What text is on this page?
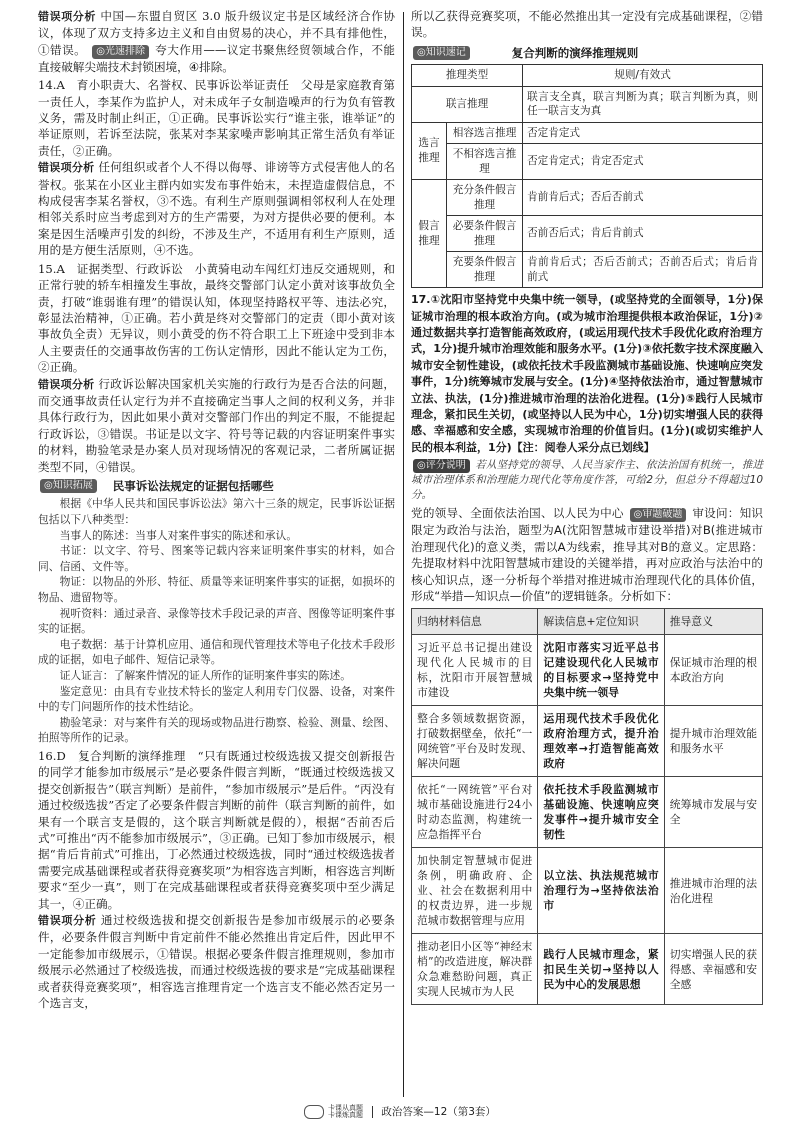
错误项分析 中国—东盟自贸区 3.0 版升级议定书是区域经济合作协议，体现了双方支持多边主义和自由贸易的决心，并不具有排他性，①错误。 ◎光速排除 夸大作用——议定书聚焦经贸领域合作，不能直接破解尖端技术封锁困境，④排除。

14.A　育小职责大、名誉权、民事诉讼举证责任　父母是家庭教育第一责任人，李某作为监护人，对未成年子女制造噪声的行为负有管教义务，需及时制止纠正，①正确。民事诉讼实行“谁主张，谁举证”的举证原则，若诉至法院，张某对李某家噪声影响其正常生活负有举证责任，②正确。

错误项分析 任何组织或者个人不得以侮辱、诽谤等方式侵害他人的名誉权。张某在小区业主群内如实发布事件始末，未捏造虚假信息，不构成侵害李某名誉权，③不选。有利生产原则强调相邻权利人在处理相邻关系时应当考虑到对方的生产需要，为对方提供必要的便利。本案是因生活噪声引发的纠纷，不涉及生产，不适用有利生产原则，适用的是方便生活原则，④不选。

15.A　证据类型、行政诉讼　小黄骑电动车闯红灯违反交通规则，和正常行驶的轿车相撞发生事故，最终交警部门认定小黄对该事故负全责，打破“谁弱谁有理”的错误认知，体现坚持路权平等、违法必究，彰显法治精神，①正确。若小黄是终对交警部门的定责（即小黄对该事故负全责）无异议，则小黄受的伤不符合职工上下班途中受到非本人主要责任的交通事故伤害的工伤认定情形，因此不能认定为工伤，②正确。

错误项分析 行政诉讼解决国家机关实施的行政行为是否合法的问题，而交通事故责任认定行为并不直接确定当事人之间的权利义务，并非具体行政行为，因此如果小黄对交警部门作出的判定不服，不能提起行政诉讼，③错误。书证是以文字、符号等记载的内容证明案件事实的材料，勘验笔录是办案人员对现场情况的客观记录，二者所属证据类型不同，④错误。

◎知识拓展	民事诉讼法规定的证据包括哪些

根据《中华人民共和国民事诉讼法》第六十三条的规定，民事诉讼证据包括以下八种类型：

当事人的陈述：当事人对案件事实的陈述和承认。

书证：以文字、符号、图案等记载内容来证明案件事实的材料，如合同、信函、文件等。

物证：以物品的外形、特征、质量等来证明案件事实的证据，如损坏的物品、遗留物等。

视听资料：通过录音、录像等技术手段记录的声音、图像等证明案件事实的证据。

电子数据：基于计算机应用、通信和现代管理技术等电子化技术手段形成的证据，如电子邮件、短信记录等。

证人证言：了解案件情况的证人所作的证明案件事实的陈述。

鉴定意见：由具有专业技术特长的鉴定人利用专门仪器、设备，对案件中的专门问题所作的技术性结论。

勘验笔录：对与案件有关的现场或物品进行勘察、检验、测量、绘图、拍照等所作的记录。

16.D　复合判断的演绎推理　“只有既通过校级选拔又提交创新报告的同学才能参加市级展示”是必要条件假言判断，“既通过校级选拔又提交创新报告”（联言判断）是前件，“参加市级展示”是后件。“丙没有通过校级选拔”否定了必要条件假言判断的前件（联言判断的前件，如果有一个联言支是假的，这个联言判断就是假的），根据“否前否后式”可推出“丙不能参加市级展示”，③正确。已知丁参加市级展示，根据“肯后肯前式”可推出，丁必然通过校级选拔，同时“通过校级选拔者需要完成基础课程或者获得竞赛奖项”为相容选言判断，相容选言判断要求“至少一真”，则丁在完成基础课程或者获得竞赛奖项中至少满足其一，④正确。

错误项分析 通过校级选拔和提交创新报告是参加市级展示的必要条件，必要条件假言判断中肯定前件不能必然推出肯定后件，因此甲不一定能参加市级展示，①错误。根据必要条件假言推理规则，参加市级展示必然通过了校级选拔，而通过校级选拔的要求是“完成基础课程或者获得竞赛奖项”，相容选言推理肯定一个选言支不能必然否定另一个选言支，

所以乙获得竞赛奖项，不能必然推出其一定没有完成基础课程，②错误。

◎知识速记	复合判断的演绎推理规则
推理类型		规则/有效式
联言推理		联言支全真，联言判断为真；联言判断为真，则任一联言支为真
选言推理	相容选言推理	否定肯定式
	不相容选言推理	否定肯定式；肯定否定式
假言推理	充分条件假言推理	肯前肯后式；否后否前式
	必要条件假言推理	否前否后式；肯后肯前式
	充要条件假言推理	肯前肯后式；否后否前式；否前否后式；肯后肯前式

17.①沈阳市坚持党中央集中统一领导，(或坚持党的全面领导，1分)保证城市治理的根本政治方向。(或为城市治理提供根本政治保证，1分)②通过数据共享打造智能高效政府，(或运用现代技术手段优化政府治理方式，1分)提升城市治理效能和服务水平。(1分)③依托数字技术深度融入城市安全韧性建设，(或依托技术手段监测城市基础设施、快速响应突发事件，1分)统筹城市发展与安全。(1分)④坚持依法治市，通过智慧城市立法、执法，(1分)推进城市治理的法治化进程。(1分)⑤践行人民城市理念，紧扣民生关切，(或坚持以人民为中心，1分)切实增强人民的获得感、幸福感和安全感，实现城市治理的价值旨归。(1分)(或切实维护人民的根本利益，1分)【注：阅卷人采分点已划线】

◎评分说明 若从坚持党的领导、人民当家作主、依法治国有机统一，推进城市治理体系和治理能力现代化等角度作答，可给2分，但总分不得超过10分。

党的领导、全面依法治国、以人民为中心 ◎审题破题 审设问：知识限定为政治与法治，题型为A(沈阳智慧城市建设举措)对B(推进城市治理现代化)的意义类，需以A为线索，推导其对B的意义。定思路：先提取材料中沈阳智慧城市建设的关键举措，再对应政治与法治中的核心知识点，逐一分析每个举措对推进城市治理现代化的具体价值，形成“举措—知识点—价值”的逻辑链条。分析如下：

归纳材料信息	解读信息+定位知识	推导意义
习近平总书记提出建设现代化人民城市的目标，沈阳市开展智慧城市建设	沈阳市落实习近平总书记建设现代化人民城市的目标要求→坚持党中央集中统一领导	保证城市治理的根本政治方向
整合多领域数据资源，打破数据壁垒，依托“一网统管”平台及时发现、解决问题	运用现代技术手段优化政府治理方式，提升治理效率→打造智能高效政府	提升城市治理效能和服务水平
依托“一网统管”平台对城市基础设施进行24小时动态监测，构建统一应急指挥平台	依托技术手段监测城市基础设施、快速响应突发事件→提升城市安全韧性	统筹城市发展与安全
加快制定智慧城市促进条例，明确政府、企业、社会在数据利用中的权责边界，进一步规范城市数据管理与应用	以立法、执法规范城市治理行为→坚持依法治市	推进城市治理的法治化进程
推动老旧小区等“神经末梢”的改造进度，解决群众急难愁盼问题，真正实现人民城市为人民	践行人民城市理念，紧扣民生关切→坚持以人民为中心的发展思想	切实增强人民的获得感、幸福感和安全感
卡课从真题
卡课炼真题 政治答案—12（第3套）
